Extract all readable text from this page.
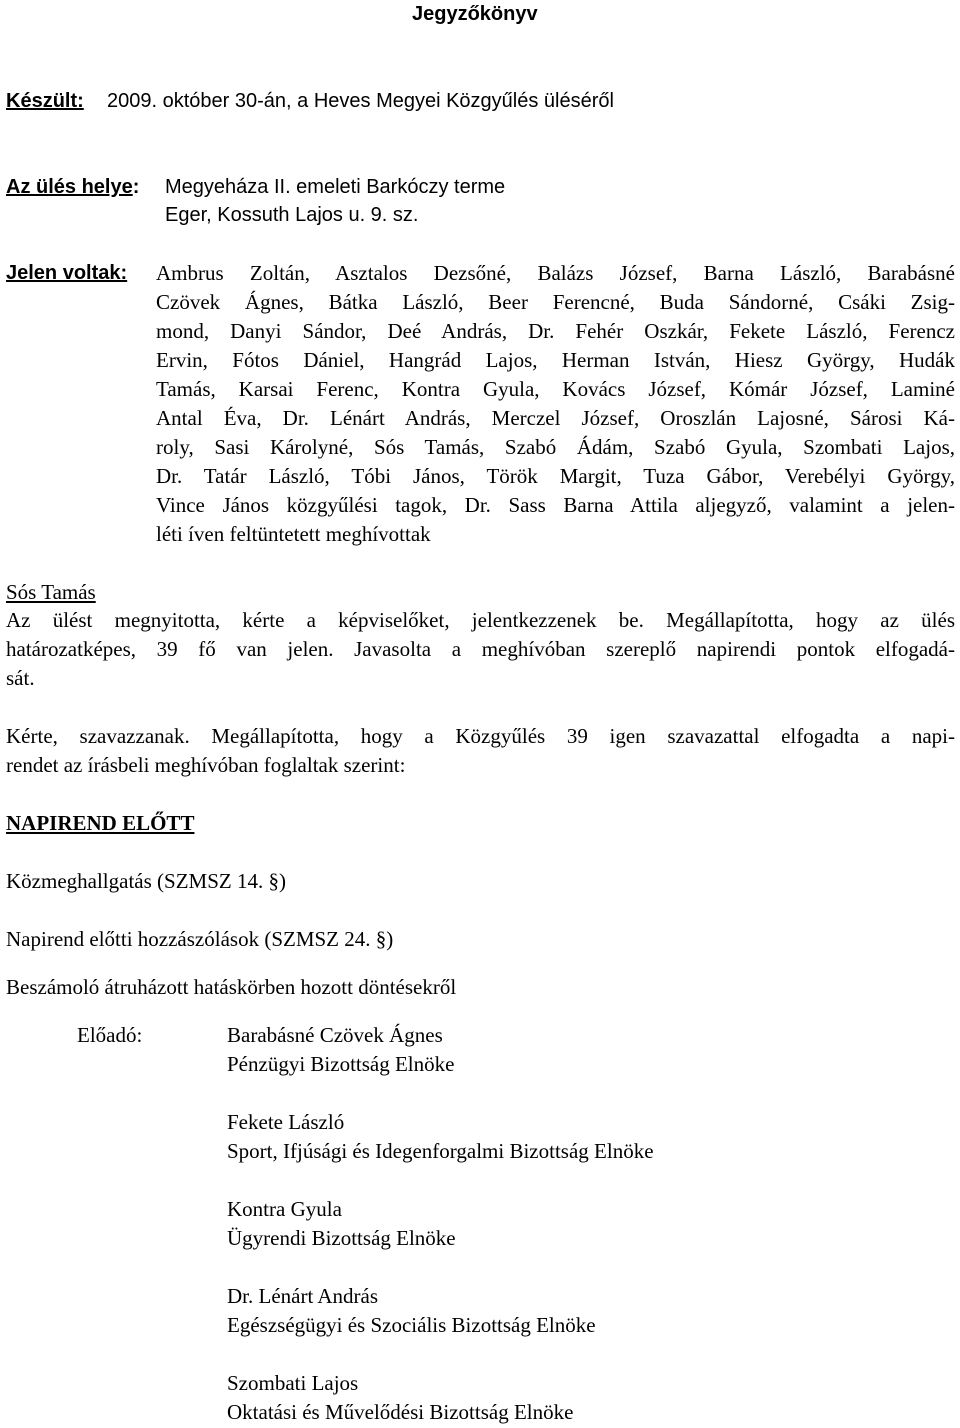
Jegyzőkönyv
Készült: 2009. október 30-án, a Heves Megyei Közgyűlés üléséről
Az ülés helye: Megyeháza II. emeleti Barkóczy terme
Eger, Kossuth Lajos u. 9. sz.
Jelen voltak: Ambrus Zoltán, Asztalos Dezsőné, Balázs József, Barna László, Barabásné
Czövek Ágnes, Bátka László, Beer Ferencné, Buda Sándorné, Csáki Zsig-
mond, Danyi Sándor, Deé András, Dr. Fehér Oszkár, Fekete László, Ferencz
Ervin, Fótos Dániel, Hangrád Lajos, Herman István, Hiesz György, Hudák
Tamás, Karsai Ferenc, Kontra Gyula, Kovács József, Kómár József, Laminé
Antal Éva, Dr. Lénárt András, Merczel József, Oroszlán Lajosné, Sárosi Ká-
roly, Sasi Károlyné, Sós Tamás, Szabó Ádám, Szabó Gyula, Szombati Lajos,
Dr. Tatár László, Tóbi János, Török Margit, Tuza Gábor, Verebélyi György,
Vince János közgyűlési tagok, Dr. Sass Barna Attila aljegyző, valamint a jelen-
léti íven feltüntetett meghívottak
Sós Tamás
Az ülést megnyitotta, kérte a képviselőket, jelentkezzenek be. Megállapította, hogy az ülés
határozatképes, 39 fő van jelen. Javasolta a meghívóban szereplő napirendi pontok elfogadá-
sát.
Kérte, szavazzanak. Megállapította, hogy a Közgyűlés 39 igen szavazattal elfogadta a napi-
rendet az írásbeli meghívóban foglaltak szerint:
NAPIREND ELŐTT
Közmeghallgatás (SZMSZ 14. §)
Napirend előtti hozzászólások (SZMSZ 24. §)
Beszámoló átruházott hatáskörben hozott döntésekről
Előadó:	Barabásné Czövek Ágnes
Pénzügyi Bizottság Elnöke
Fekete László
Sport, Ifjúsági és Idegenforgalmi Bizottság Elnöke
Kontra Gyula
Ügyrendi Bizottság Elnöke
Dr. Lénárt András
Egészségügyi és Szociális Bizottság Elnöke
Szombati Lajos
Oktatási és Művelődési Bizottság Elnöke
